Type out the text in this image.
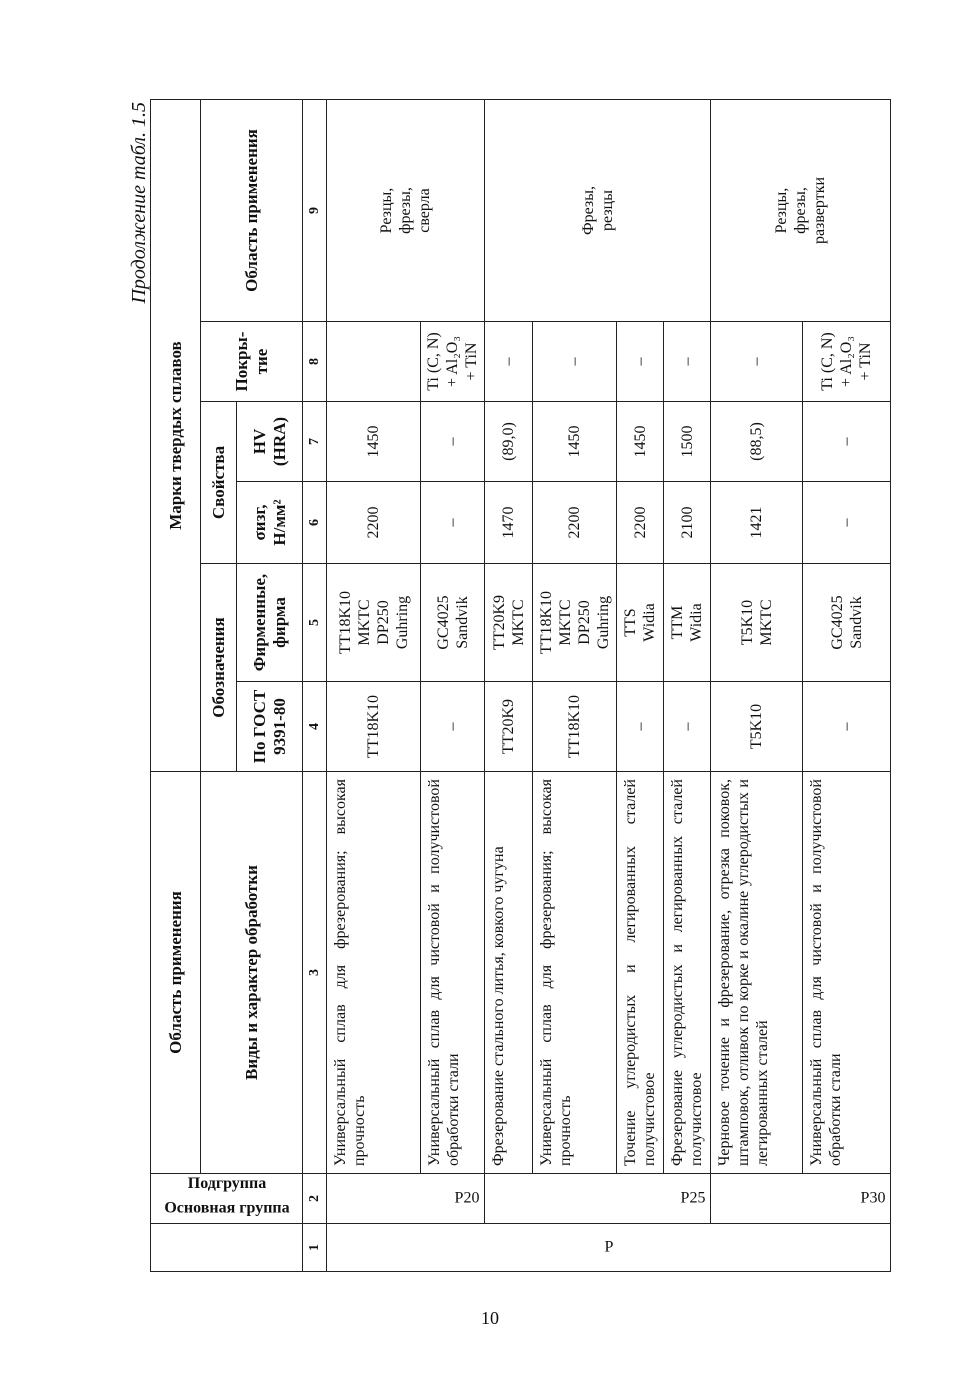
Продолжение табл. 1.5
Основная группа	Подгруппа	Область применения	Марки твердых сплавов					
		Виды и характер обработки	Обозначения		Свойства		Покры-тие	Область применения
			По ГОСТ 9391-80	Фирменные, фирма	σизг, Н/мм²	HV (HRA)		
1	2	3	4	5	6	7	8	9
P	P20	Универсальный сплав для фрезерования; высокая прочность	TT18K10	TT18K10 MKTC DP250 Guhring	2200	1450		Резцы, фрезы, сверла

		Универсальный сплав для чистовой и получистовой обработки стали	–	GC4025 Sandvik	–	–	Ti (C, N) + Al₂O₃ + TiN	

	P25	Фрезерование стального литья, ковкого чугуна	TT20K9	TT20K9 MKTC	1470	(89,0)	–	Фрезы, резцы

		Универсальный сплав для фрезерования; высокая прочность	TT18K10	TT18K10 MKTC DP250 Guhring	2200	1450	–	

		Точение углеродистых и легированных сталей получистовое	–	TTS Widia	2200	1450	–	

		Фрезерование углеродистых и легированных сталей получистовое	–	TTM Widia	2100	1500	–	

	P30	Черновое точение и фрезерование, отрезка поковок, штамповок, отливок по корке и окалине углеродистых и легированных сталей	T5K10	T5K10 MKTC	1421	(88,5)	–	Резцы, фрезы, развертки

		Универсальный сплав для чистовой и получистовой обработки стали	–	GC4025 Sandvik	–	–	Ti (C, N) + Al₂O₃ + TiN	
10
